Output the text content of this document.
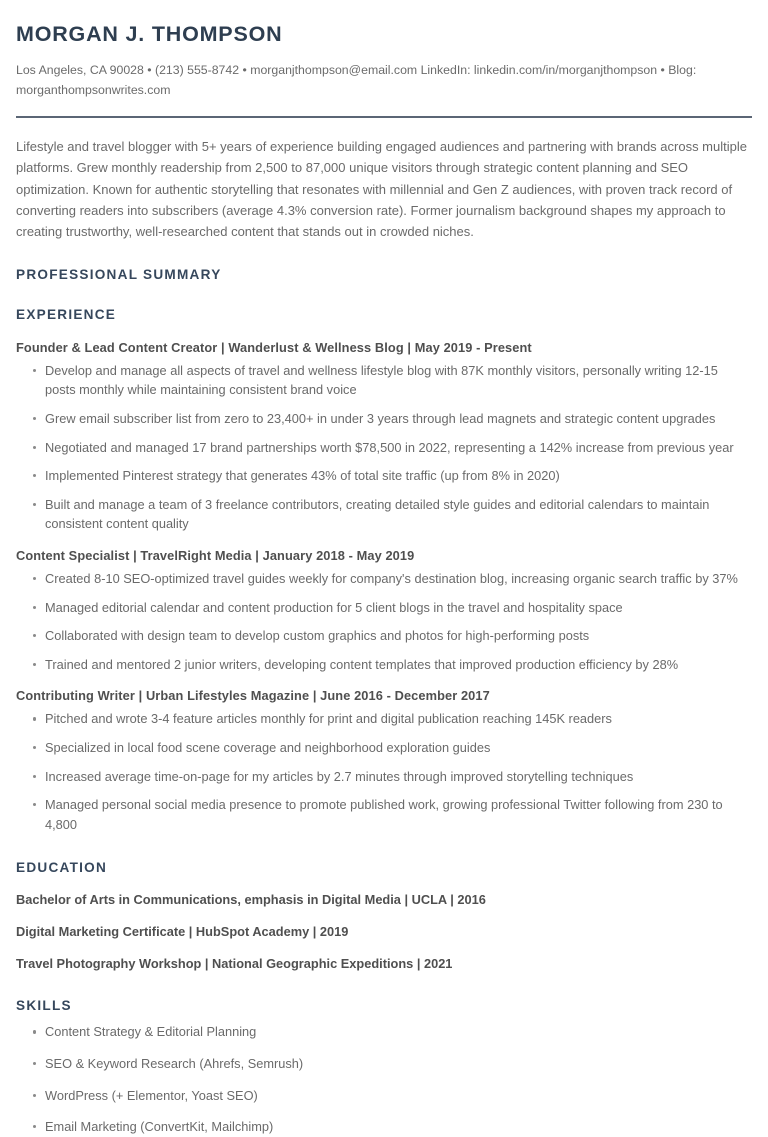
MORGAN J. THOMPSON
Los Angeles, CA 90028 • (213) 555-8742 • morganjthompson@email.com LinkedIn: linkedin.com/in/morganjthompson • Blog: morganthompsonwrites.com

Lifestyle and travel blogger with 5+ years of experience building engaged audiences and partnering with brands across multiple platforms. Grew monthly readership from 2,500 to 87,000 unique visitors through strategic content planning and SEO optimization. Known for authentic storytelling that resonates with millennial and Gen Z audiences, with proven track record of converting readers into subscribers (average 4.3% conversion rate). Former journalism background shapes my approach to creating trustworthy, well-researched content that stands out in crowded niches.

PROFESSIONAL SUMMARY
EXPERIENCE
Founder & Lead Content Creator | Wanderlust & Wellness Blog | May 2019 - Present
Develop and manage all aspects of travel and wellness lifestyle blog with 87K monthly visitors, personally writing 12-15 posts monthly while maintaining consistent brand voice
Grew email subscriber list from zero to 23,400+ in under 3 years through lead magnets and strategic content upgrades
Negotiated and managed 17 brand partnerships worth $78,500 in 2022, representing a 142% increase from previous year
Implemented Pinterest strategy that generates 43% of total site traffic (up from 8% in 2020)
Built and manage a team of 3 freelance contributors, creating detailed style guides and editorial calendars to maintain consistent content quality
Content Specialist | TravelRight Media | January 2018 - May 2019
Created 8-10 SEO-optimized travel guides weekly for company's destination blog, increasing organic search traffic by 37%
Managed editorial calendar and content production for 5 client blogs in the travel and hospitality space
Collaborated with design team to develop custom graphics and photos for high-performing posts
Trained and mentored 2 junior writers, developing content templates that improved production efficiency by 28%
Contributing Writer | Urban Lifestyles Magazine | June 2016 - December 2017
Pitched and wrote 3-4 feature articles monthly for print and digital publication reaching 145K readers
Specialized in local food scene coverage and neighborhood exploration guides
Increased average time-on-page for my articles by 2.7 minutes through improved storytelling techniques
Managed personal social media presence to promote published work, growing professional Twitter following from 230 to 4,800
EDUCATION
Bachelor of Arts in Communications, emphasis in Digital Media | UCLA | 2016
Digital Marketing Certificate | HubSpot Academy | 2019
Travel Photography Workshop | National Geographic Expeditions | 2021
SKILLS
Content Strategy & Editorial Planning
SEO & Keyword Research (Ahrefs, Semrush)
WordPress (+ Elementor, Yoast SEO)
Email Marketing (ConvertKit, Mailchimp)
